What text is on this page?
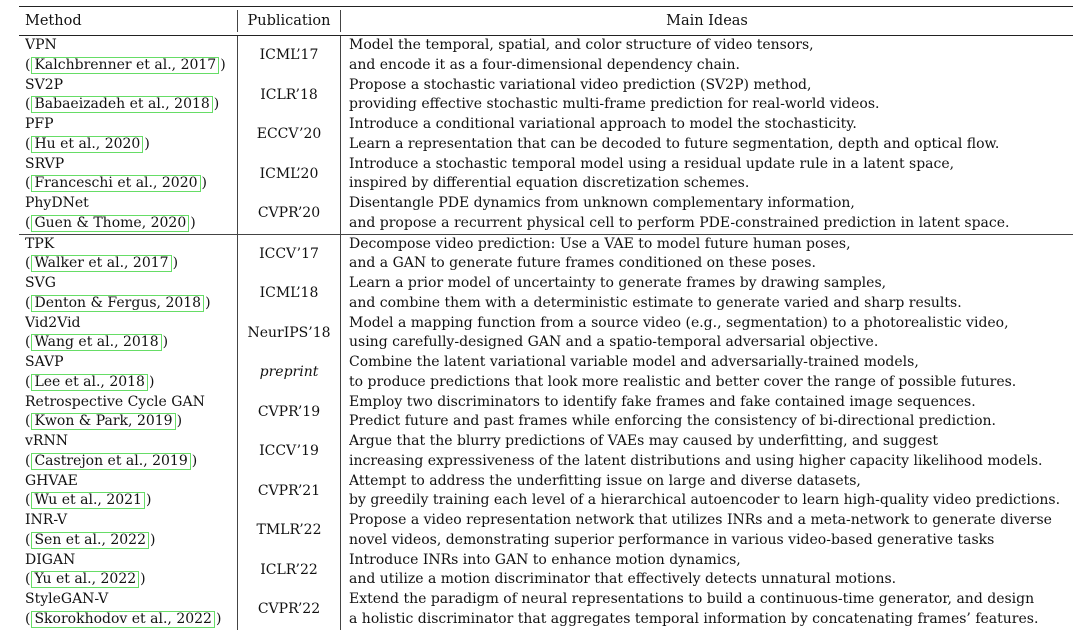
Method	Publication	Main Ideas
VPN
( Kalchbrenner et al., 2017 )
ICML’17
Model the temporal, spatial, and color structure of video tensors,
and encode it as a four-dimensional dependency chain.
SV2P
( Babaeizadeh et al., 2018 )
ICLR’18
Propose a stochastic variational video prediction (SV2P) method,
providing effective stochastic multi-frame prediction for real-world videos.
PFP
( Hu et al., 2020 )
ECCV’20
Introduce a conditional variational approach to model the stochasticity.
Learn a representation that can be decoded to future segmentation, depth and optical flow.
SRVP
( Franceschi et al., 2020 )
ICML’20
Introduce a stochastic temporal model using a residual update rule in a latent space,
inspired by differential equation discretization schemes.
PhyDNet
( Guen & Thome, 2020 )
CVPR’20
Disentangle PDE dynamics from unknown complementary information,
and propose a recurrent physical cell to perform PDE-constrained prediction in latent space.
TPK
( Walker et al., 2017 )
ICCV’17
Decompose video prediction: Use a VAE to model future human poses,
and a GAN to generate future frames conditioned on these poses.
SVG
( Denton & Fergus, 2018 )
ICML’18
Learn a prior model of uncertainty to generate frames by drawing samples,
and combine them with a deterministic estimate to generate varied and sharp results.
Vid2Vid
( Wang et al., 2018 )
NeurIPS’18
Model a mapping function from a source video (e.g., segmentation) to a photorealistic video,
using carefully-designed GAN and a spatio-temporal adversarial objective.
SAVP
( Lee et al., 2018 )
preprint
Combine the latent variational variable model and adversarially-trained models,
to produce predictions that look more realistic and better cover the range of possible futures.
Retrospective Cycle GAN
( Kwon & Park, 2019 )
CVPR’19
Employ two discriminators to identify fake frames and fake contained image sequences.
Predict future and past frames while enforcing the consistency of bi-directional prediction.
vRNN
( Castrejon et al., 2019 )
ICCV’19
Argue that the blurry predictions of VAEs may caused by underfitting, and suggest
increasing expressiveness of the latent distributions and using higher capacity likelihood models.
GHVAE
( Wu et al., 2021 )
CVPR’21
Attempt to address the underfitting issue on large and diverse datasets,
by greedily training each level of a hierarchical autoencoder to learn high-quality video predictions.
INR-V
( Sen et al., 2022 )
TMLR’22
Propose a video representation network that utilizes INRs and a meta-network to generate diverse
novel videos, demonstrating superior performance in various video-based generative tasks
DIGAN
( Yu et al., 2022 )
ICLR’22
Introduce INRs into GAN to enhance motion dynamics,
and utilize a motion discriminator that effectively detects unnatural motions.
StyleGAN-V
( Skorokhodov et al., 2022 )
CVPR’22
Extend the paradigm of neural representations to build a continuous-time generator, and design
a holistic discriminator that aggregates temporal information by concatenating frames’ features.
